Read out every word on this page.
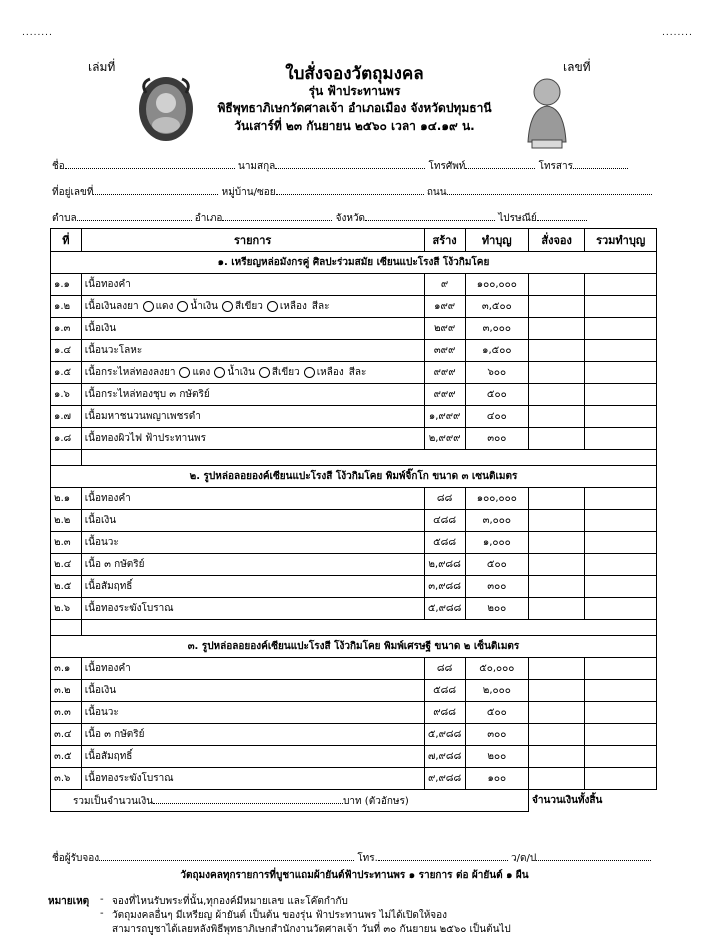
........	........
เล่มที่	เลขที่
ใบสั่งจองวัตถุมงคล
รุ่น ฟ้าประทานพร
พิธีพุทธาภิเษกวัดศาลเจ้า อำเภอเมือง จังหวัดปทุมธานี
วันเสาร์ที่ ๒๓ กันยายน ๒๕๖๐ เวลา ๑๔.๑๙ น.
ชื่อ	นามสกุล	โทรศัพท์	โทรสาร
ที่อยู่เลขที่	หมู่บ้าน/ซอย	ถนน
ตำบล	อำเภอ	จังหวัด	ไปรษณีย์
ที่	รายการ	สร้าง	ทำบุญ	สั่งจอง	รวมทำบุญ
๑. เหรียญหล่อมังกรคู่ ศิลปะร่วมสมัย เซียนแปะโรงสี โง้วกิมโคย					
๑.๑	เนื้อทองคำ	๙	๑๐๐,๐๐๐		
๑.๒	เนื้อเงินลงยา แดง น้ำเงิน สีเขียว เหลือง สีละ	๑๙๙	๓,๕๐๐		
๑.๓	เนื้อเงิน	๒๙๙	๓,๐๐๐		
๑.๔	เนื้อนวะโลหะ	๓๙๙	๑,๕๐๐		
๑.๕	เนื้อกระไหล่ทองลงยา แดง น้ำเงิน สีเขียว เหลือง สีละ	๙๙๙	๖๐๐		
๑.๖	เนื้อกระไหล่ทองชุบ ๓ กษัตริย์	๙๙๙	๕๐๐		
๑.๗	เนื้อมหาชนวนพญาเพชรดำ	๑,๙๙๙	๔๐๐		
๑.๘	เนื้อทองผิวไฟ ฟ้าประทานพร	๒,๙๙๙	๓๐๐		

๒. รูปหล่อลอยองค์เซียนแปะโรงสี โง้วกิมโคย พิมพ์จิ๊กโก ขนาด ๓ เซนติเมตร					
๒.๑	เนื้อทองคำ	๘๘	๑๐๐,๐๐๐		
๒.๒	เนื้อเงิน	๔๘๘	๓,๐๐๐		
๒.๓	เนื้อนวะ	๕๘๘	๑,๐๐๐		
๒.๔	เนื้อ ๓ กษัตริย์	๒,๙๘๘	๕๐๐		
๒.๕	เนื้อสัมฤทธิ์	๓,๙๘๘	๓๐๐		
๒.๖	เนื้อทองระฆังโบราณ	๕,๙๘๘	๒๐๐		

๓. รูปหล่อลอยองค์เซียนแปะโรงสี โง้วกิมโคย พิมพ์เศรษฐี ขนาด ๒ เซ็นติเมตร					
๓.๑	เนื้อทองคำ	๘๘	๕๐,๐๐๐		
๓.๒	เนื้อเงิน	๕๘๘	๒,๐๐๐		
๓.๓	เนื้อนวะ	๙๘๘	๕๐๐		
๓.๔	เนื้อ ๓ กษัตริย์	๕,๙๘๘	๓๐๐		
๓.๕	เนื้อสัมฤทธิ์	๗,๙๘๘	๒๐๐		
๓.๖	เนื้อทองระฆังโบราณ	๙,๙๘๘	๑๐๐		
รวมเป็นจำนวนเงิน บาท (ตัวอักษร)				จำนวนเงินทั้งสิ้น	
ชื่อผู้รับจอง	โทร.	ว/ด/ป
วัตถุมงคลทุกรายการที่บูชาแถมผ้ายันต์ฟ้าประทานพร ๑ รายการ ต่อ ผ้ายันต์ ๑ ผืน
หมายเหตุ - จองที่ไหนรับพระที่นั้น,ทุกองค์มีหมายเลข และโค๊ตกำกับ
- วัตถุมงคลอื่นๆ มีเหรียญ ผ้ายันต์ เป็นต้น ของรุ่น ฟ้าประทานพร ไม่ได้เปิดให้จอง
สามารถบูชาได้เลยหลังพิธีพุทธาภิเษกสำนักงานวัดศาลเจ้า วันที่ ๓๐ กันยายน ๒๕๖๐ เป็นต้นไป
